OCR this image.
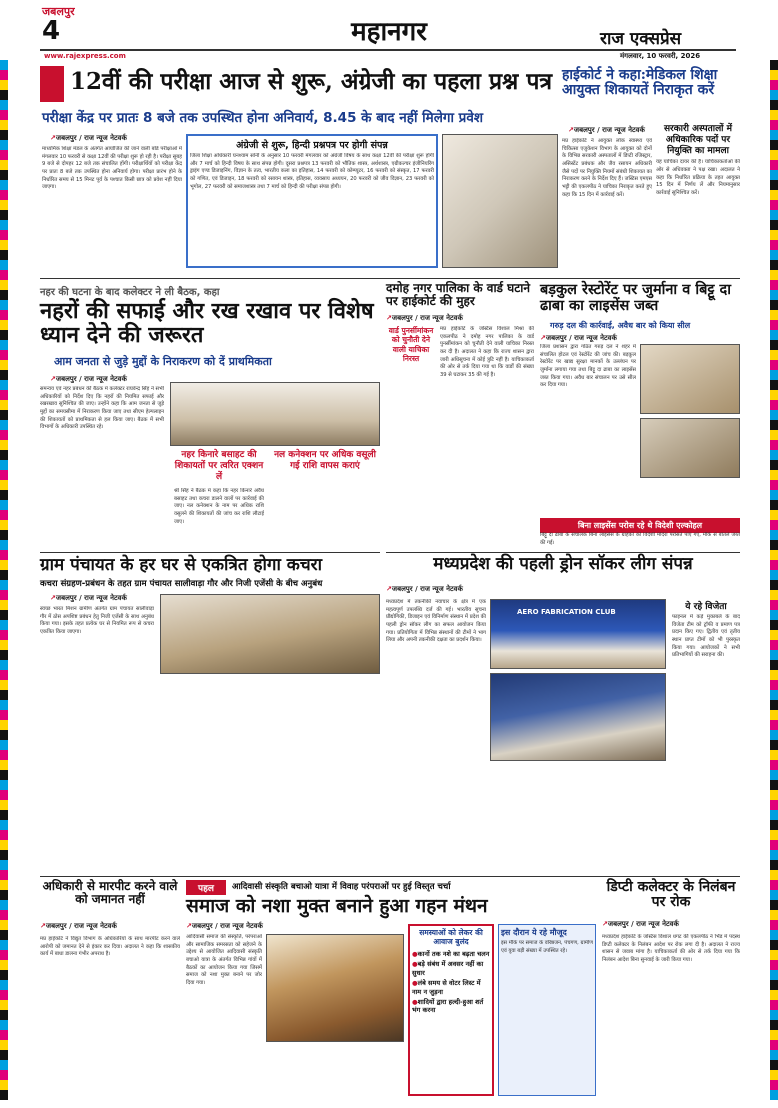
जबलपुर
4	महानगर	राज एक्सप्रेस
www.rajexpress.com	मंगलवार, 10 फरवरी, 2026
12वीं की परीक्षा आज से शुरू, अंग्रेजी का पहला प्रश्न पत्र
परीक्षा केंद्र पर प्रातः 8 बजे तक उपस्थित होना अनिवार्य, 8.45 के बाद नहीं मिलेगा प्रवेश
↗ जबलपुर / राज न्यूज नेटवर्क
माध्यमिक शिक्षा मंडल के अंतर्गत आयोजित की जाने वाली बोर्ड परीक्षाओं में मंगलवार 10 फरवरी से कक्षा 12वीं की परीक्षा शुरू हो रही है। परीक्षा सुबह 9 बजे से दोपहर 12 बजे तक संचालित होंगी। परीक्षार्थियों को परीक्षा केंद्र पर प्रातः 8 बजे तक उपस्थित होना अनिवार्य होगा। परीक्षा प्रारंभ होने के निर्धारित समय से 15 मिनट पूर्व के पश्चात किसी छात्र को प्रवेश नहीं दिया जाएगा।
अंग्रेजी से शुरू, हिन्दी प्रश्नपत्र पर होगी संपन्न
जिला शिक्षा अधिकारी घनश्याम सोनी के अनुसार 10 फरवरी मंगलवार को अंग्रेजी विषय के साथ कक्षा 12वीं की परीक्षा शुरू होगी और 7 मार्च को हिन्दी विषय के साथ संपन्न होगी। दूसरा प्रश्नपत्र 13 फरवरी को भौतिक शास्त्र, अर्थशास्त्र, एग्रीकल्चर इंजीनियरिंग ड्राइंग एण्ड डिजाइनिंग, विज्ञान के तत्व, भारतीय कला का इतिहास, 14 फरवरी को कोम्प्यूटर, 16 फरवरी को संस्कृत, 17 फरवरी को गणित, एवं डिजाइन, 18 फरवरी को रसायन शास्त्र, इतिहास, व्यवसाय अध्ययन, 20 फरवरी को जीव विज्ञान, 23 फरवरी को भूगोल, 27 फरवरी को समाजशास्त्र तथा 7 मार्च को हिन्दी की परीक्षा संपन्न होगी।
हाईकोर्ट ने कहा:मेडिकल शिक्षा आयुक्त शिकायतें निराकृत करें
↗ जबलपुर / राज न्यूज नेटवर्क
मप्र हाईकोर्ट ने आयुक्त लोक स्वास्थ्य एवं चिकित्सा एजुकेशन विभाग के आयुक्त को दोनों के विभिन्न सरकारी अस्पतालों में डिप्टी रजिस्ट्रार, असिस्टेंट प्रबंधक और जैव रसायन अधिकारी जैसे पदों पर नियुक्ति नियमों संबंधी शिकायत का निराकरण करने के निर्देश दिए हैं। जस्टिस एमएस भट्टी की एकलपीठ ने याचिका निराकृत करते हुए कहा कि 15 दिन में कार्रवाई करें।
सरकारी अस्पतालों में अधिकारिक पदों पर नियुक्ति का मामला
यह याचिका दायर की है। याचिकाकर्ताओं की ओर से अधिवक्ता ने पक्ष रखा। अदालत ने कहा कि निर्धारित प्रक्रिया के तहत आयुक्त 15 दिन में निर्णय लें और नियमानुसार कार्रवाई सुनिश्चित करें।
नहर की घटना के बाद कलेक्टर ने ली बैठक, कहा
नहरों की सफाई और रख रखाव पर विशेष ध्यान देने की जरूरत
आम जनता से जुड़े मुद्दों के निराकरण को दें प्राथमिकता
↗ जबलपुर / राज न्यूज नेटवर्क
समन्वय एवं नहर प्रबंधन की बैठक में कलेक्टर राघवेन्द्र सिंह ने सभी अधिकारियों को निर्देश दिए कि नहरों की नियमित सफाई और रखरखाव सुनिश्चित की जाए। उन्होंने कहा कि आम जनता से जुड़े मुद्दों का समयसीमा में निराकरण किया जाए तथा सीएम हेल्पलाइन की शिकायतों को प्राथमिकता से हल किया जाए। बैठक में सभी विभागों के अधिकारी उपस्थित रहे।
नहर किनारे बसाहट की शिकायतों पर त्वरित एक्शन लें
श्री सिंह ने बैठक में कहा कि नहर किनारे अवैध बसाहट तथा कचरा डालने वालों पर कार्रवाई की जाए। नल कनेक्शन के नाम पर अधिक राशि वसूलने की शिकायतों की जांच कर राशि लौटाई जाए।
नल कनेक्शन पर अधिक वसूली गई राशि वापस कराएं
दमोह नगर पालिका के वार्ड घटाने पर हाईकोर्ट की मुहर
↗ जबलपुर / राज न्यूज नेटवर्क
वार्ड पुनर्सीमांकन को चुनौती देने वाली याचिका निरस्त
मप्र हाईकोर्ट के जस्टिस विशाल मिश्रा की एकलपीठ ने दमोह नगर पालिका के वार्ड पुनर्सीमांकन को चुनौती देने वाली याचिका निरस्त कर दी है। अदालत ने कहा कि राज्य शासन द्वारा जारी अधिसूचना में कोई त्रुटि नहीं है। याचिकाकर्ता की ओर से तर्क दिया गया था कि वार्डों की संख्या 39 से घटाकर 35 की गई है।
बड़कुल रेस्टोरेंट पर जुर्माना व बिट्टू दा ढाबा का लाइसेंस जब्त
गरुड़ दल की कार्रवाई, अवैध बार को किया सील
↗ जबलपुर / राज न्यूज नेटवर्क
जिला प्रशासन द्वारा गठित गरुड़ दल ने शहर में संचालित होटल एवं रेस्टोरेंट की जांच की। बड़कुल रेस्टोरेंट पर खाद्य सुरक्षा मानकों के उल्लंघन पर जुर्माना लगाया गया तथा बिट्टू दा ढाबा का लाइसेंस जब्त किया गया। अवैध बार संचालन पर उसे सील कर दिया गया।
बिना लाइसेंस परोस रहे थे विदेशी एल्कोहल
बिट्टू दा ढाबा के संचालक बिना लाइसेंस के ग्राहकों को विदेशी मदिरा परोसते पाए गए, मौके से बोतलें जब्त की गईं।
मध्यप्रदेश की पहली ड्रोन सॉकर लीग संपन्न
↗ जबलपुर / राज न्यूज नेटवर्क
मध्यप्रदेश में तकनीकी नवाचार के क्षेत्र में एक महत्वपूर्ण उपलब्धि दर्ज की गई। भारतीय सूचना प्रौद्योगिकी, डिजाइन एवं विनिर्माण संस्थान में प्रदेश की पहली ड्रोन सॉकर लीग का सफल आयोजन किया गया। प्रतियोगिता में विभिन्न संस्थानों की टीमों ने भाग लिया और अपनी तकनीकी दक्षता का प्रदर्शन किया।
AERO FABRICATION CLUB	ये रहे विजेता
फाइनल में कड़े मुकाबले के बाद विजेता टीम को ट्रॉफी व प्रमाण पत्र प्रदान किए गए। द्वितीय एवं तृतीय स्थान प्राप्त टीमों को भी पुरस्कृत किया गया। आयोजकों ने सभी प्रतिभागियों की सराहना की।
ग्राम पंचायत के हर घर से एकत्रित होगा कचरा
कचरा संग्रहण-प्रबंधन के तहत ग्राम पंचायत सालीवाड़ा गौर और निजी एजेंसी के बीच अनुबंध
↗ जबलपुर / राज न्यूज नेटवर्क
स्वच्छ भारत मिशन ग्रामीण अंतर्गत ग्राम पंचायत सालीवाड़ा गौर में ठोस अपशिष्ट प्रबंधन हेतु निजी एजेंसी के साथ अनुबंध किया गया। इसके तहत प्रत्येक घर से नियमित रूप से कचरा एकत्रित किया जाएगा।
अधिकारी से मारपीट करने वाले को जमानत नहीं
↗ जबलपुर / राज न्यूज नेटवर्क
मप्र हाईकोर्ट ने विद्युत विभाग के अधिकारियों के साथ मारपीट करने वाले आरोपी को जमानत देने से इंकार कर दिया। अदालत ने कहा कि शासकीय कार्य में बाधा डालना गंभीर अपराध है।
पहल	आदिवासी संस्कृति बचाओ यात्रा में विवाह परंपराओं पर हुई विस्तृत चर्चा
समाज को नशा मुक्त बनाने हुआ गहन मंथन
↗ जबलपुर / राज न्यूज नेटवर्क
आदिवासी समाज की संस्कृति, परंपराओं और सामाजिक समरसता को सहेजने के उद्देश्य से आयोजित आदिवासी संस्कृति बचाओ यात्रा के अंतर्गत विभिन्न गांवों में बैठकों का आयोजन किया गया जिसमें समाज को नशा मुक्त बनाने पर जोर दिया गया।
समस्याओं को लेकर की आवाज बुलंद
● कानों तक नशे का बढ़ता चलन
● बड़े संबंध में अवसर नहीं का सुधार
● लंबे समय से वोटर लिस्ट में नाम न जुड़ना
● शादियों द्वारा हल्दी-हुआ शर्त भंग करना
इस दौरान ये रहे मौजूद
इस मौके पर समाज के वरिष्ठजन, पंचगण, ग्रामीण एवं युवा बड़ी संख्या में उपस्थित रहे।
डिप्टी कलेक्टर के निलंबन पर रोक
↗ जबलपुर / राज न्यूज नेटवर्क
मध्यप्रदेश हाईकोर्ट के जस्टिस विशाल धगट की एकलपीठ ने भिंड में पदस्थ डिप्टी कलेक्टर के निलंबन आदेश पर रोक लगा दी है। अदालत ने राज्य शासन से जवाब मांगा है। याचिकाकर्ता की ओर से तर्क दिया गया कि निलंबन आदेश बिना सुनवाई के जारी किया गया।
